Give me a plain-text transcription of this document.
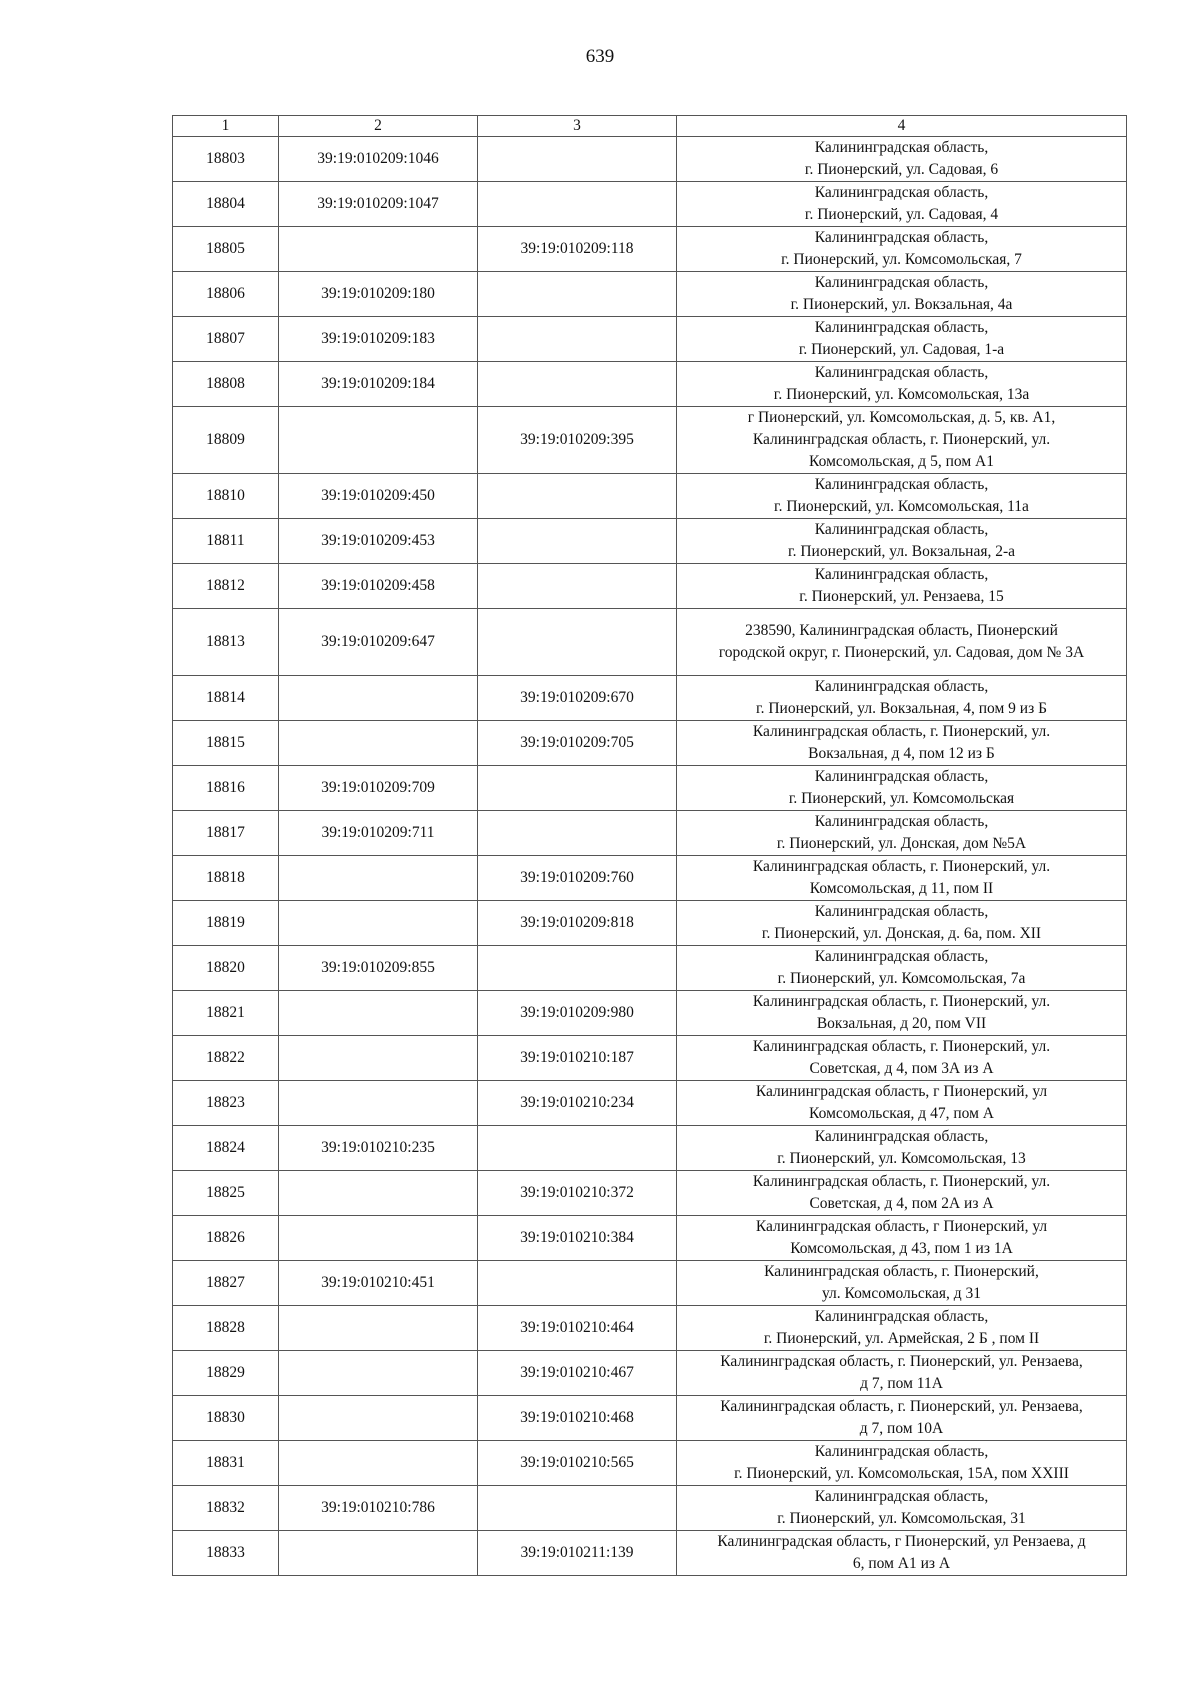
639
1	2	3	4
18803	39:19:010209:1046		Калининградская область,
г. Пионерский, ул. Садовая, 6

18804	39:19:010209:1047		Калининградская область,
г. Пионерский, ул. Садовая, 4

18805		39:19:010209:118	Калининградская область,
г. Пионерский, ул. Комсомольская, 7

18806	39:19:010209:180		Калининградская область,
г. Пионерский, ул. Вокзальная, 4а

18807	39:19:010209:183		Калининградская область,
г. Пионерский, ул. Садовая, 1-а

18808	39:19:010209:184		Калининградская область,
г. Пионерский, ул. Комсомольская, 13а

18809		39:19:010209:395	г Пионерский, ул. Комсомольская, д. 5, кв. А1,
Калининградская область, г. Пионерский, ул.
Комсомольская, д 5, пом А1

18810	39:19:010209:450		Калининградская область,
г. Пионерский, ул. Комсомольская, 11а

18811	39:19:010209:453		Калининградская область,
г. Пионерский, ул. Вокзальная, 2-а

18812	39:19:010209:458		Калининградская область,
г. Пионерский, ул. Рензаева, 15

18813	39:19:010209:647		238590, Калининградская область, Пионерский
городской округ, г. Пионерский, ул. Садовая, дом № 3А

18814		39:19:010209:670	Калининградская область,
г. Пионерский, ул. Вокзальная, 4, пом 9 из Б

18815		39:19:010209:705	Калининградская область, г. Пионерский, ул.
Вокзальная, д 4, пом 12 из Б

18816	39:19:010209:709		Калининградская область,
г. Пионерский, ул. Комсомольская

18817	39:19:010209:711		Калининградская область,
г. Пионерский, ул. Донская, дом №5А

18818		39:19:010209:760	Калининградская область, г. Пионерский, ул.
Комсомольская, д 11, пом II

18819		39:19:010209:818	Калининградская область,
г. Пионерский, ул. Донская, д. 6а, пом. XII

18820	39:19:010209:855		Калининградская область,
г. Пионерский, ул. Комсомольская, 7а

18821		39:19:010209:980	Калининградская область, г. Пионерский, ул.
Вокзальная, д 20, пом VII

18822		39:19:010210:187	Калининградская область, г. Пионерский, ул.
Советская, д 4, пом 3А из А

18823		39:19:010210:234	Калининградская область, г Пионерский, ул
Комсомольская, д 47, пом А

18824	39:19:010210:235		Калининградская область,
г. Пионерский, ул. Комсомольская, 13

18825		39:19:010210:372	Калининградская область, г. Пионерский, ул.
Советская, д 4, пом 2А из А

18826		39:19:010210:384	Калининградская область, г Пионерский, ул
Комсомольская, д 43, пом 1 из 1А

18827	39:19:010210:451		Калининградская область, г. Пионерский,
ул. Комсомольская, д 31

18828		39:19:010210:464	Калининградская область,
г. Пионерский, ул. Армейская, 2 Б , пом II

18829		39:19:010210:467	Калининградская область, г. Пионерский, ул. Рензаева,
д 7, пом 11А

18830		39:19:010210:468	Калининградская область, г. Пионерский, ул. Рензаева,
д 7, пом 10А

18831		39:19:010210:565	Калининградская область,
г. Пионерский, ул. Комсомольская, 15А, пом XXIII

18832	39:19:010210:786		Калининградская область,
г. Пионерский, ул. Комсомольская, 31

18833		39:19:010211:139	Калининградская область, г Пионерский, ул Рензаева, д
6, пом А1 из А
